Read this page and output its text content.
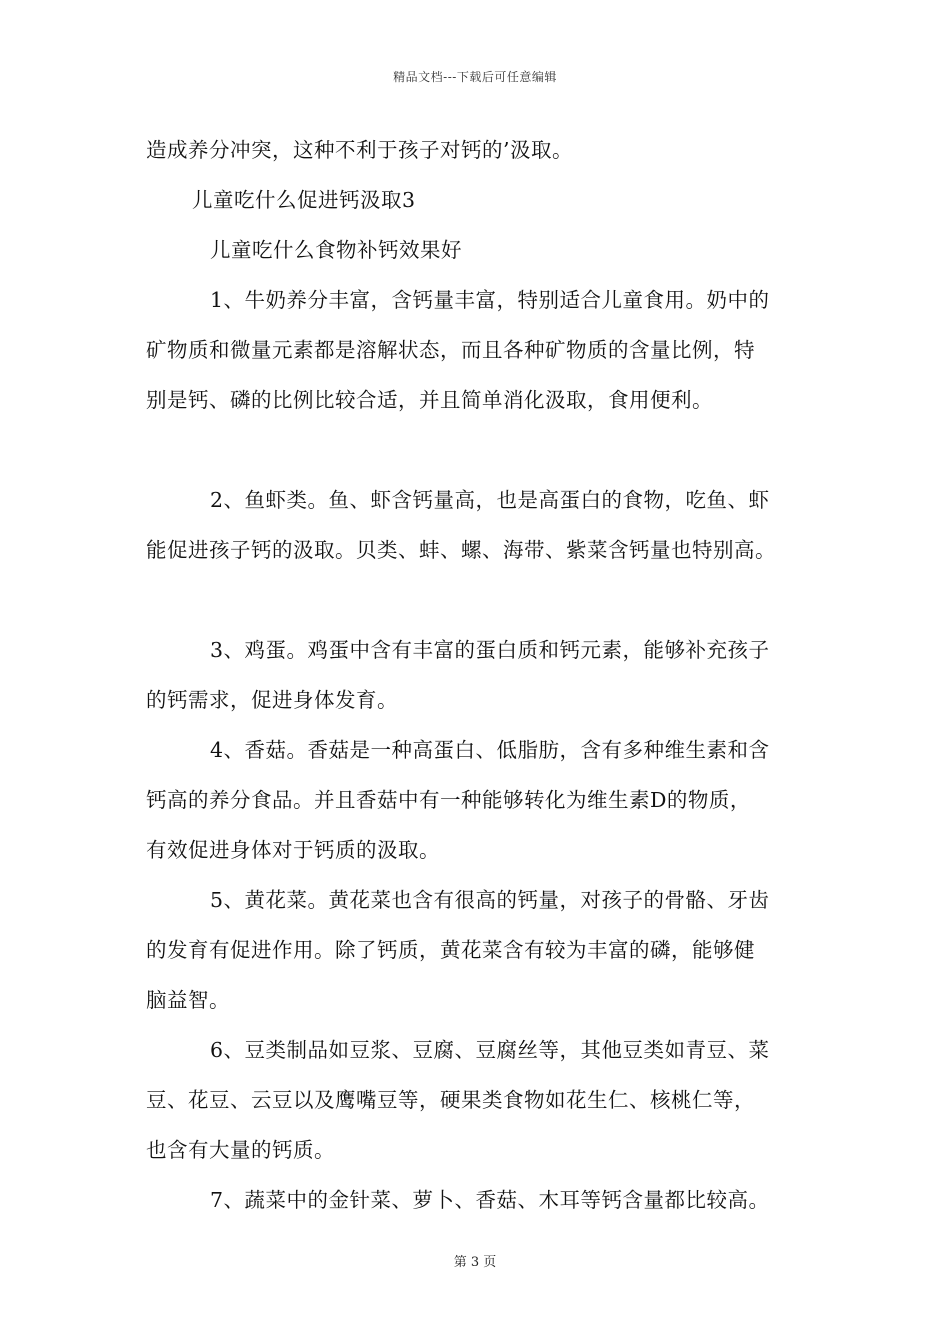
精品文档---下载后可任意编辑
造成养分冲突，这种不利于孩子对钙的’汲取。
儿童吃什么促进钙汲取3
儿童吃什么食物补钙效果好
1、牛奶养分丰富，含钙量丰富，特别适合儿童食用。奶中的
矿物质和微量元素都是溶解状态，而且各种矿物质的含量比例，特
别是钙、磷的比例比较合适，并且简单消化汲取，食用便利。
2、鱼虾类。鱼、虾含钙量高，也是高蛋白的食物，吃鱼、虾
能促进孩子钙的汲取。贝类、蚌、螺、海带、紫菜含钙量也特别高。
3、鸡蛋。鸡蛋中含有丰富的蛋白质和钙元素，能够补充孩子
的钙需求，促进身体发育。
4、香菇。香菇是一种高蛋白、低脂肪，含有多种维生素和含
钙高的养分食品。并且香菇中有一种能够转化为维生素D的物质，
有效促进身体对于钙质的汲取。
5、黄花菜。黄花菜也含有很高的钙量，对孩子的骨骼、牙齿
的发育有促进作用。除了钙质，黄花菜含有较为丰富的磷，能够健
脑益智。
6、豆类制品如豆浆、豆腐、豆腐丝等，其他豆类如青豆、菜
豆、花豆、云豆以及鹰嘴豆等，硬果类食物如花生仁、核桃仁等，
也含有大量的钙质。
7、蔬菜中的金针菜、萝卜、香菇、木耳等钙含量都比较高。
第 3 页
